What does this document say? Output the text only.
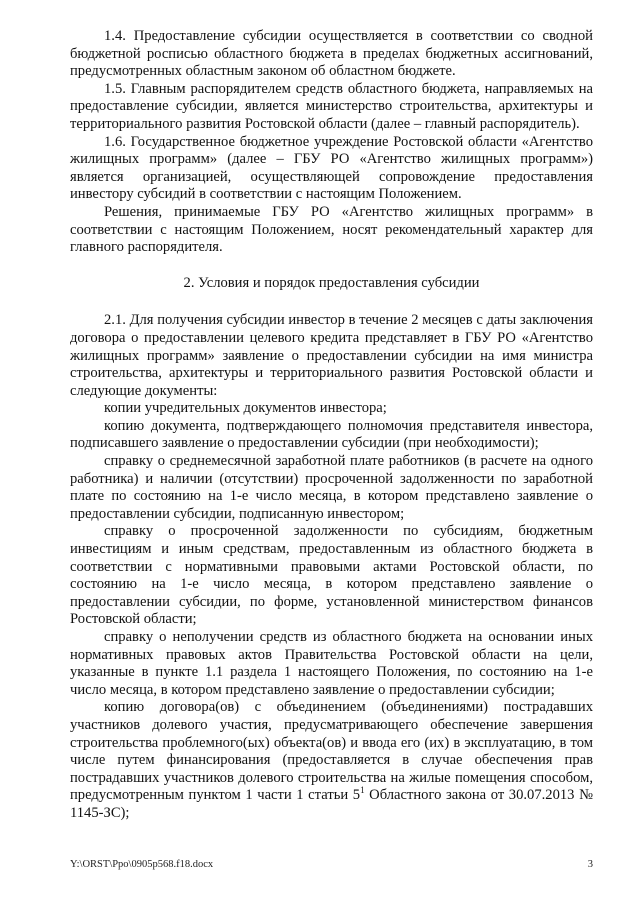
1.4. Предоставление субсидии осуществляется в соответствии со сводной бюджетной росписью областного бюджета в пределах бюджетных ассигнований, предусмотренных областным законом об областном бюджете.

1.5. Главным распорядителем средств областного бюджета, направляемых на предоставление субсидии, является министерство строительства, архитектуры и территориального развития Ростовской области (далее – главный распорядитель).

1.6. Государственное бюджетное учреждение Ростовской области «Агентство жилищных программ» (далее – ГБУ РО «Агентство жилищных программ») является организацией, осуществляющей сопровождение предоставления инвестору субсидий в соответствии с настоящим Положением.

Решения, принимаемые ГБУ РО «Агентство жилищных программ» в соответствии с настоящим Положением, носят рекомендательный характер для главного распорядителя.

2. Условия и порядок предоставления субсидии

2.1. Для получения субсидии инвестор в течение 2 месяцев с даты заключения договора о предоставлении целевого кредита представляет в ГБУ РО «Агентство жилищных программ» заявление о предоставлении субсидии на имя министра строительства, архитектуры и территориального развития Ростовской области и следующие документы:

копии учредительных документов инвестора;

копию документа, подтверждающего полномочия представителя инвестора, подписавшего заявление о предоставлении субсидии (при необходимости);

справку о среднемесячной заработной плате работников (в расчете на одного работника) и наличии (отсутствии) просроченной задолженности по заработной плате по состоянию на 1-е число месяца, в котором представлено заявление о предоставлении субсидии, подписанную инвестором;

справку о просроченной задолженности по субсидиям, бюджетным инвестициям и иным средствам, предоставленным из областного бюджета в соответствии с нормативными правовыми актами Ростовской области, по состоянию на 1-е число месяца, в котором представлено заявление о предоставлении субсидии, по форме, установленной министерством финансов Ростовской области;

справку о неполучении средств из областного бюджета на основании иных нормативных правовых актов Правительства Ростовской области на цели, указанные в пункте 1.1 раздела 1 настоящего Положения, по состоянию на 1-е число месяца, в котором представлено заявление о предоставлении субсидии;

копию договора(ов) с объединением (объединениями) пострадавших участников долевого участия, предусматривающего обеспечение завершения строительства проблемного(ых) объекта(ов) и ввода его (их) в эксплуатацию, в том числе путем финансирования (предоставляется в случае обеспечения прав пострадавших участников долевого строительства на жилые помещения способом, предусмотренным пунктом 1 части 1 статьи $5^1$ Областного закона от 30.07.2013 № 1145-ЗС);

Y:\ORST\Ppo\0905p568.f18.docx	3
